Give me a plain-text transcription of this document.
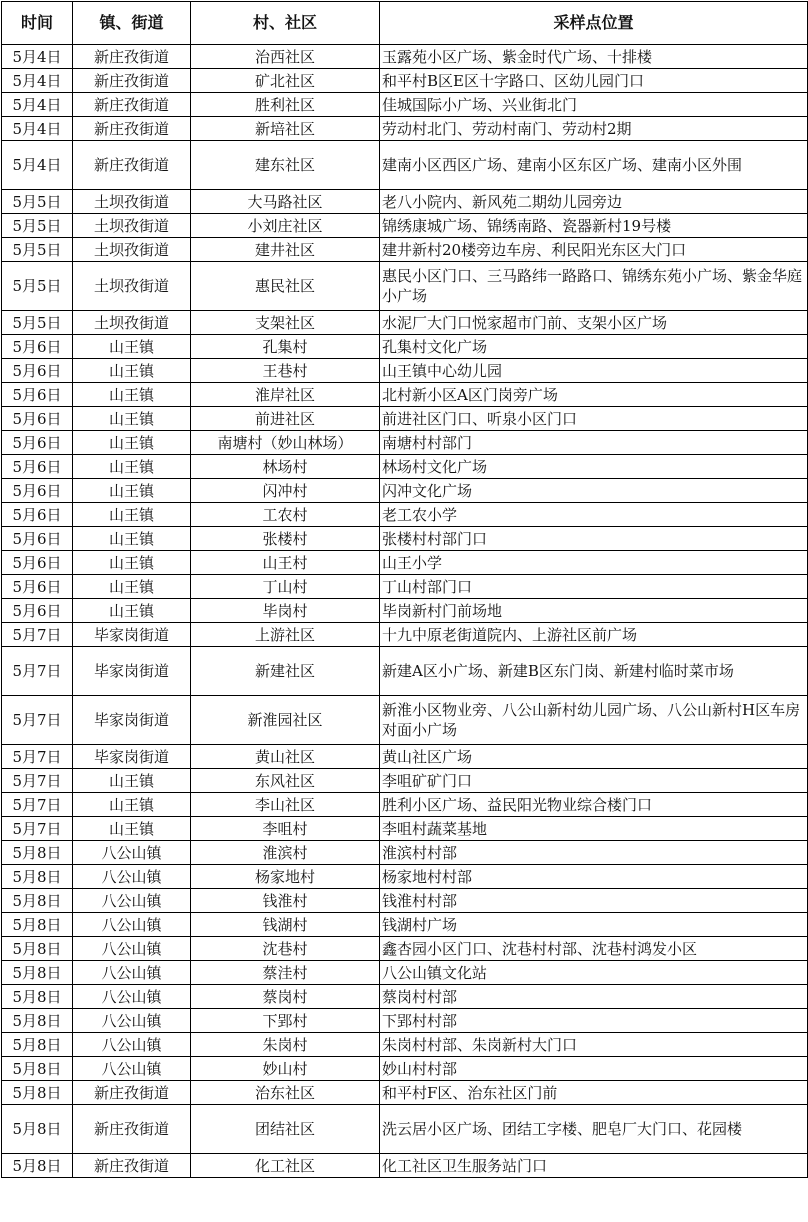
时间	镇、街道	村、社区	采样点位置
5月4日	新庄孜街道	治西社区	玉露苑小区广场、紫金时代广场、十排楼
5月4日	新庄孜街道	矿北社区	和平村B区E区十字路口、区幼儿园门口
5月4日	新庄孜街道	胜利社区	佳城国际小广场、兴业街北门
5月4日	新庄孜街道	新培社区	劳动村北门、劳动村南门、劳动村2期
5月4日	新庄孜街道	建东社区	建南小区西区广场、建南小区东区广场、建南小区外围
5月5日	土坝孜街道	大马路社区	老八小院内、新风苑二期幼儿园旁边
5月5日	土坝孜街道	小刘庄社区	锦绣康城广场、锦绣南路、瓷器新村19号楼
5月5日	土坝孜街道	建井社区	建井新村20楼旁边车房、利民阳光东区大门口
5月5日	土坝孜街道	惠民社区	惠民小区门口、三马路纬一路路口、锦绣东苑小广场、紫金华庭小广场
5月5日	土坝孜街道	支架社区	水泥厂大门口悦家超市门前、支架小区广场
5月6日	山王镇	孔集村	孔集村文化广场
5月6日	山王镇	王巷村	山王镇中心幼儿园
5月6日	山王镇	淮岸社区	北村新小区A区门岗旁广场
5月6日	山王镇	前进社区	前进社区门口、听泉小区门口
5月6日	山王镇	南塘村（妙山林场）	南塘村村部门
5月6日	山王镇	林场村	林场村文化广场
5月6日	山王镇	闪冲村	闪冲文化广场
5月6日	山王镇	工农村	老工农小学
5月6日	山王镇	张楼村	张楼村村部门口
5月6日	山王镇	山王村	山王小学
5月6日	山王镇	丁山村	丁山村部门口
5月6日	山王镇	毕岗村	毕岗新村门前场地
5月7日	毕家岗街道	上游社区	十九中原老街道院内、上游社区前广场
5月7日	毕家岗街道	新建社区	新建A区小广场、新建B区东门岗、新建村临时菜市场
5月7日	毕家岗街道	新淮园社区	新淮小区物业旁、八公山新村幼儿园广场、八公山新村H区车房对面小广场
5月7日	毕家岗街道	黄山社区	黄山社区广场
5月7日	山王镇	东风社区	李咀矿矿门口
5月7日	山王镇	李山社区	胜利小区广场、益民阳光物业综合楼门口
5月7日	山王镇	李咀村	李咀村蔬菜基地
5月8日	八公山镇	淮滨村	淮滨村村部
5月8日	八公山镇	杨家地村	杨家地村村部
5月8日	八公山镇	钱淮村	钱淮村村部
5月8日	八公山镇	钱湖村	钱湖村广场
5月8日	八公山镇	沈巷村	鑫杏园小区门口、沈巷村村部、沈巷村鸿发小区
5月8日	八公山镇	蔡洼村	八公山镇文化站
5月8日	八公山镇	蔡岗村	蔡岗村村部
5月8日	八公山镇	下郢村	下郢村村部
5月8日	八公山镇	朱岗村	朱岗村村部、朱岗新村大门口
5月8日	八公山镇	妙山村	妙山村村部
5月8日	新庄孜街道	治东社区	和平村F区、治东社区门前
5月8日	新庄孜街道	团结社区	洗云居小区广场、团结工字楼、肥皂厂大门口、花园楼
5月8日	新庄孜街道	化工社区	化工社区卫生服务站门口
